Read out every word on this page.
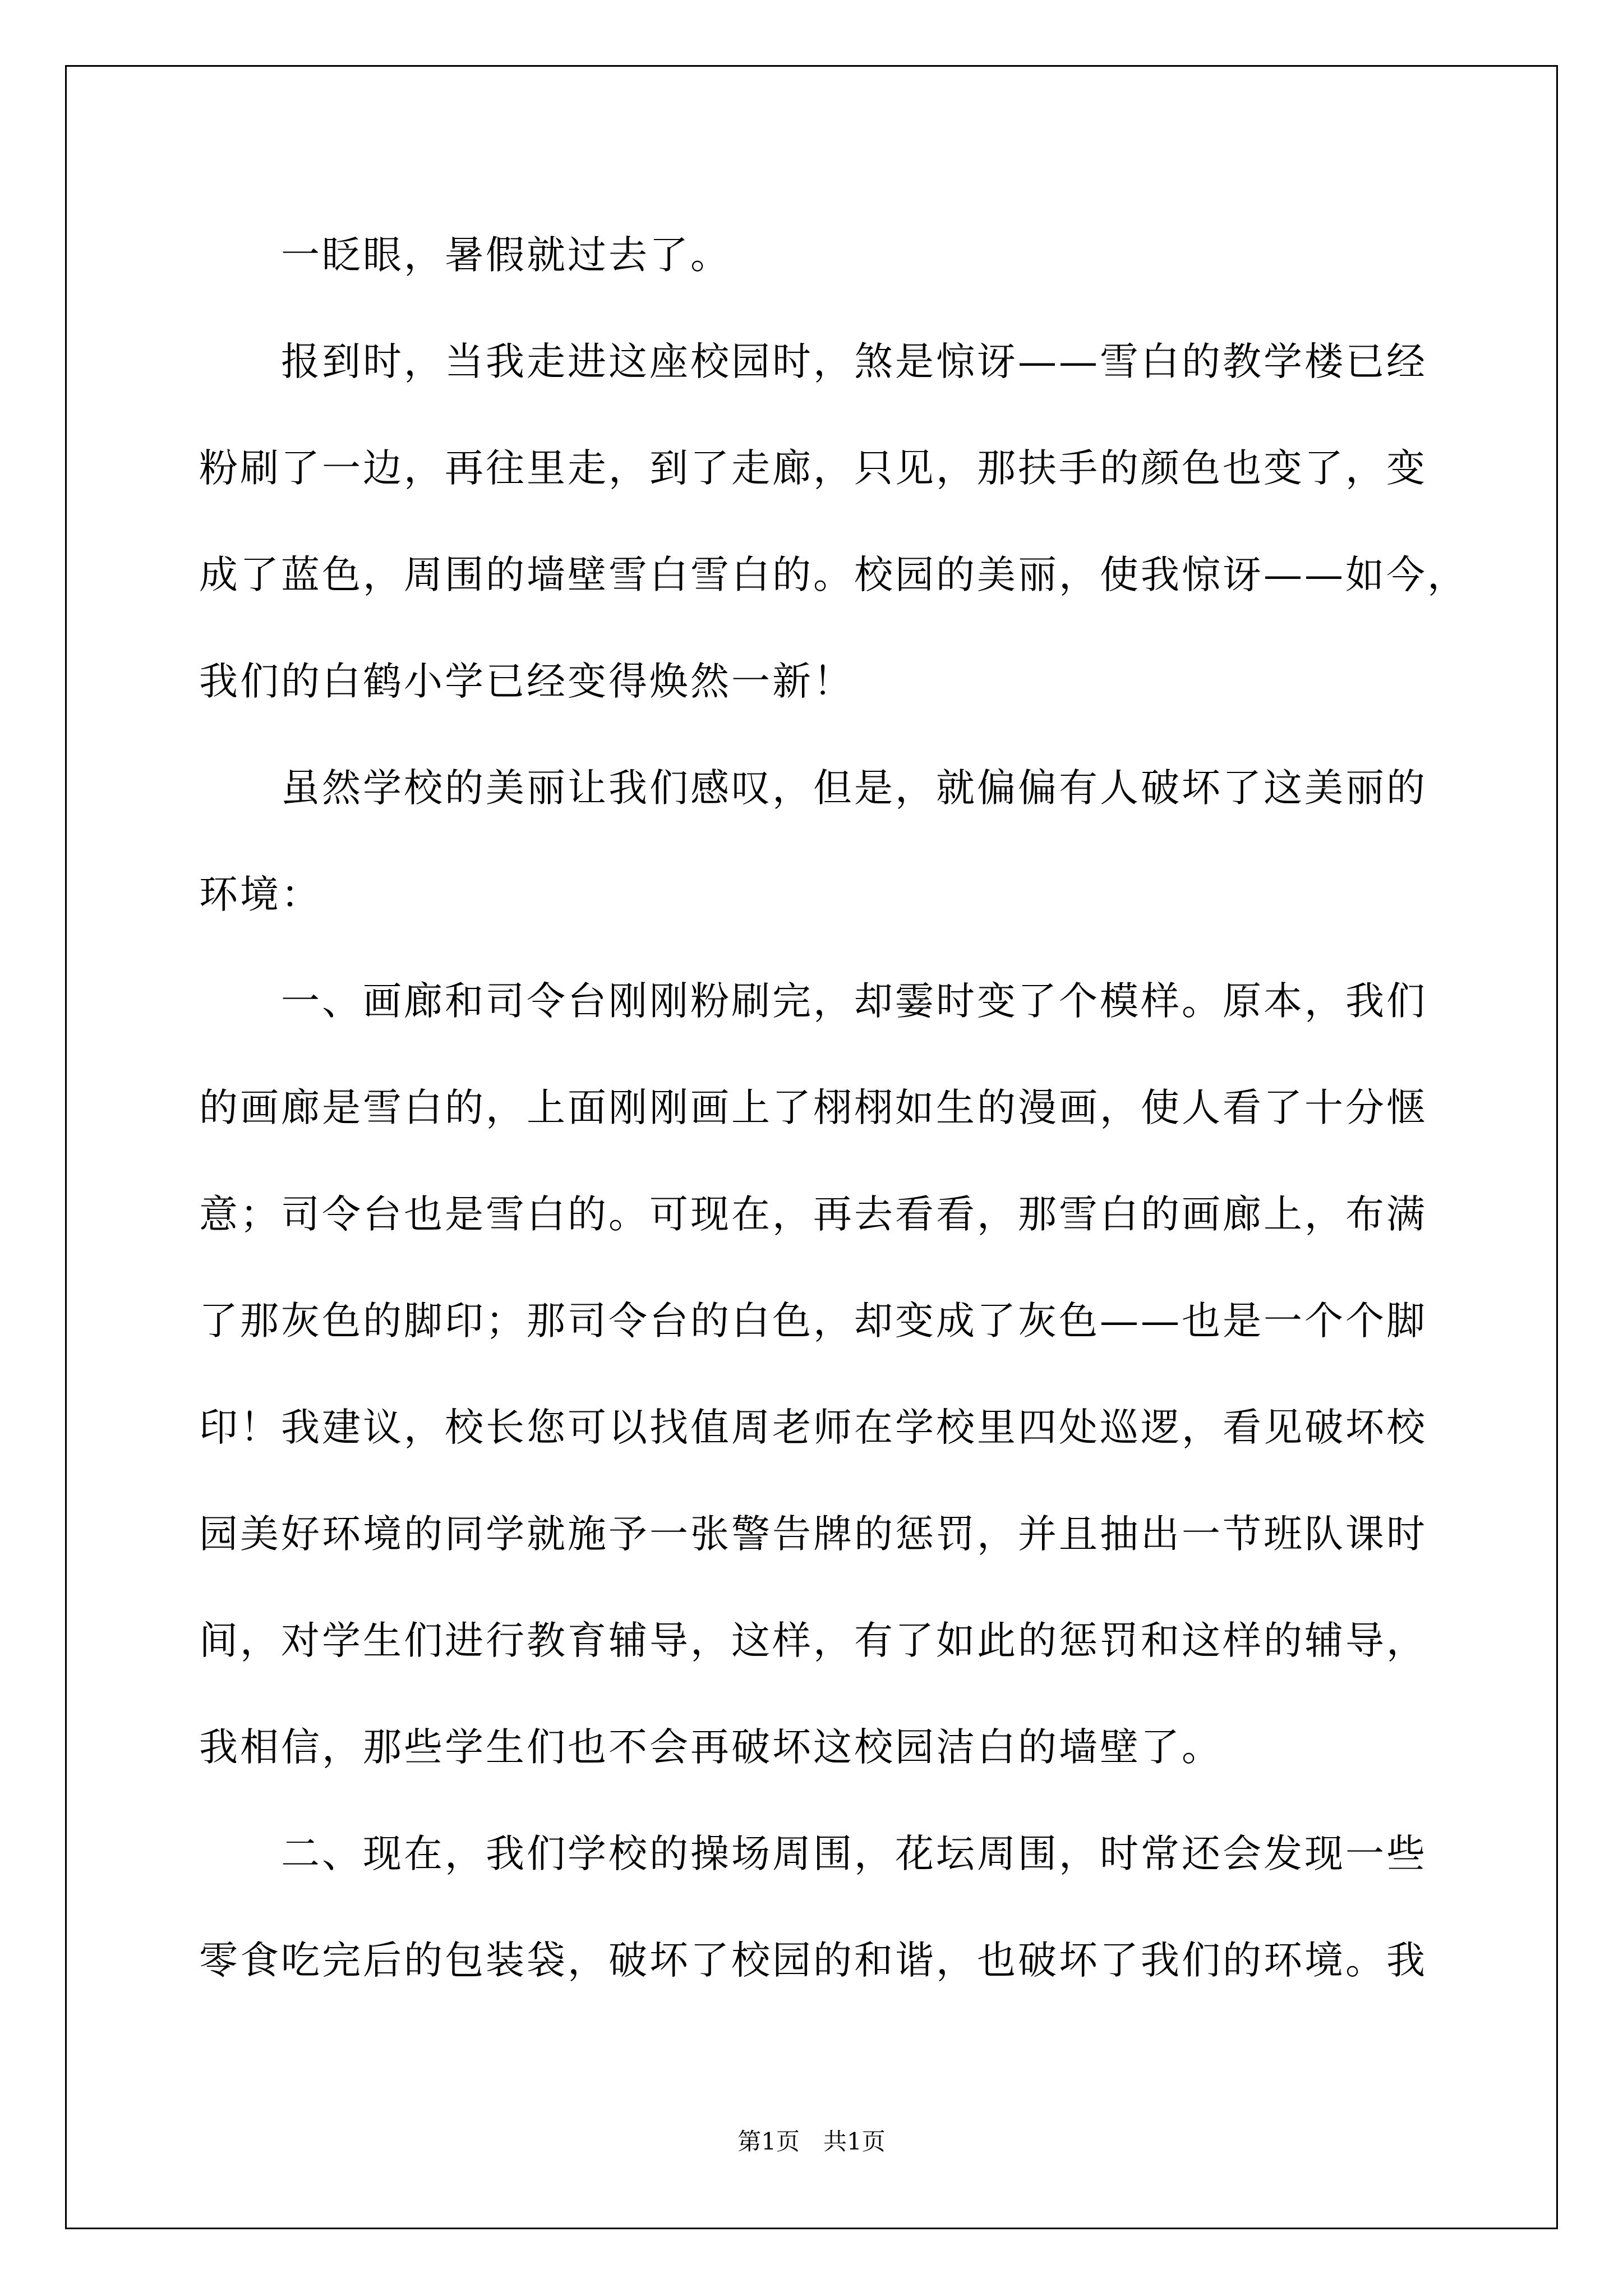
一眨眼，暑假就过去了。
报到时，当我走进这座校园时，煞是惊讶——雪白的教学楼已经
粉刷了一边，再往里走，到了走廊，只见，那扶手的颜色也变了，变
成了蓝色，周围的墙壁雪白雪白的。校园的美丽，使我惊讶——如今，
我们的白鹤小学已经变得焕然一新！
虽然学校的美丽让我们感叹，但是，就偏偏有人破坏了这美丽的
环境：
一、画廊和司令台刚刚粉刷完，却霎时变了个模样。原本，我们
的画廊是雪白的，上面刚刚画上了栩栩如生的漫画，使人看了十分惬
意；司令台也是雪白的。可现在，再去看看，那雪白的画廊上，布满
了那灰色的脚印；那司令台的白色，却变成了灰色——也是一个个脚
印！我建议，校长您可以找值周老师在学校里四处巡逻，看见破坏校
园美好环境的同学就施予一张警告牌的惩罚，并且抽出一节班队课时
间，对学生们进行教育辅导，这样，有了如此的惩罚和这样的辅导，
我相信，那些学生们也不会再破坏这校园洁白的墙壁了。
二、现在，我们学校的操场周围，花坛周围，时常还会发现一些
零食吃完后的包装袋，破坏了校园的和谐，也破坏了我们的环境。我
第1页　共1页
